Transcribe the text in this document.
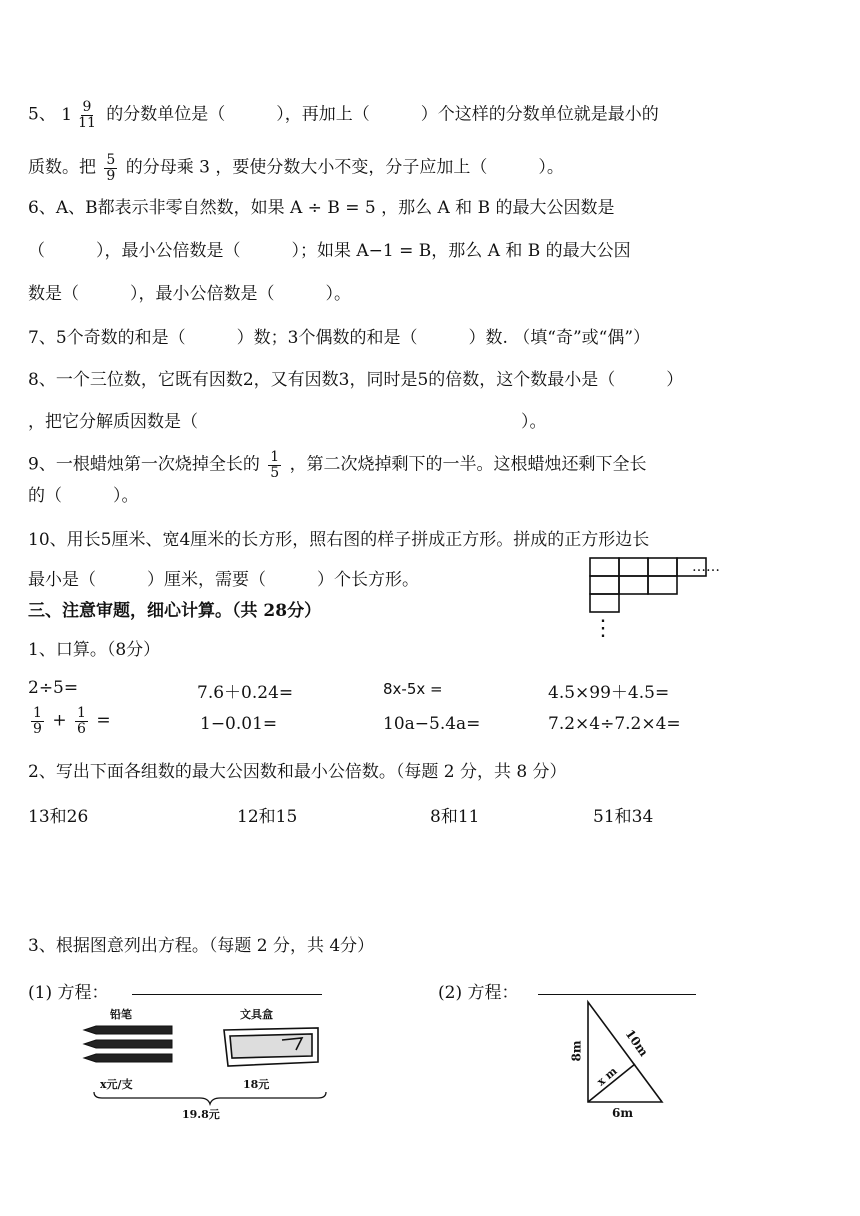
5、 $1 \frac{9}{11}$ 的分数单位是（　　　），再加上（　　　）个这样的分数单位就是最小的
质数。把 $\frac{5}{9}$ 的分母乘 3 ，要使分数大小不变，分子应加上（　　　）。
6、A、B都表示非零自然数，如果 A ÷ B = 5 ，那么 A 和 B 的最大公因数是
（　　　），最小公倍数是（　　　）；如果 A−1 = B，那么 A 和 B 的最大公因
数是（　　　），最小公倍数是（　　　）。
7、5个奇数的和是（　　　）数；3个偶数的和是（　　　）数. （填“奇”或“偶”）
8、一个三位数，它既有因数2，又有因数3，同时是5的倍数，这个数最小是（　　　）
，把它分解质因数是（　　　　　　　　　　　　　　　　　　　）。
9、一根蜡烛第一次烧掉全长的 $\frac{1}{5}$ ，第二次烧掉剩下的一半。这根蜡烛还剩下全长
的（　　　）。
10、用长5厘米、宽4厘米的长方形，照右图的样子拼成正方形。拼成的正方形边长
最小是（　　　）厘米，需要（　　　）个长方形。
……
⋮
三、注意审题，细心计算。（共 28分）
1、口算。（8分）
2÷5=	7.6＋0.24=	8x-5x =	4.5×99＋4.5=
$\frac{1}{9} + \frac{1}{6}$ =	1−0.01=	10a−5.4a=	7.2×4÷7.2×4=
2、写出下面各组数的最大公因数和最小公倍数。（每题 2 分，共 8 分）
13和26	12和15	8和11	51和34
3、根据图意列出方程。（每题 2 分，共 4分）
(1) 方程：	(2) 方程：
铅笔	文具盒
x元/支	18元
19.8元
8m	10m
x m
6m
